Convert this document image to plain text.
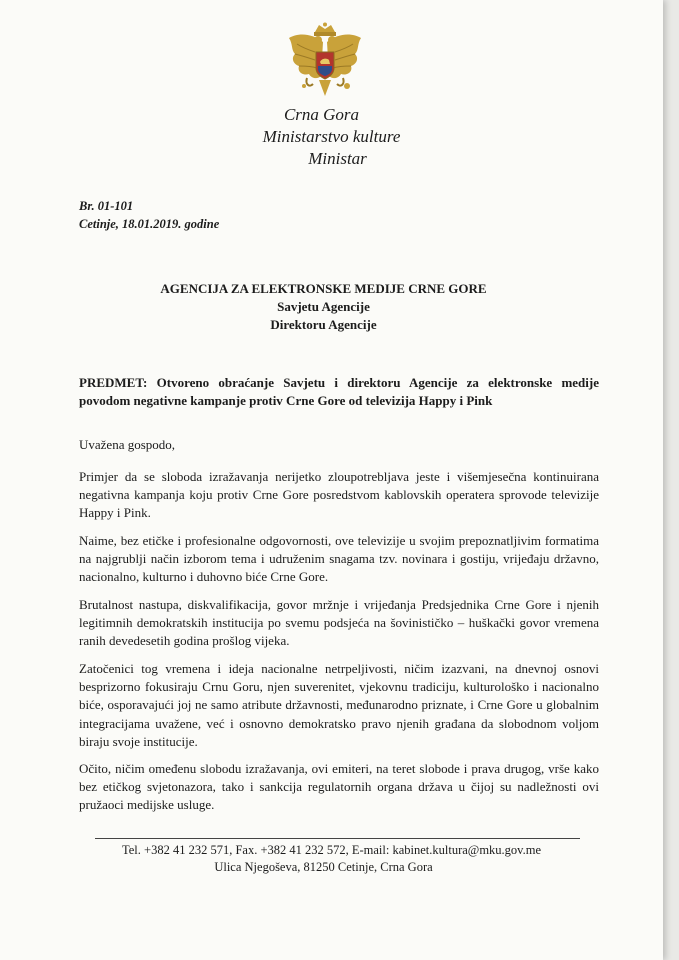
Crna Gora
Ministarstvo kulture
Ministar
Br. 01-101
Cetinje, 18.01.2019. godine
AGENCIJA ZA ELEKTRONSKE MEDIJE CRNE GORE
Savjetu Agencije
Direktoru Agencije
PREDMET: Otvoreno obraćanje Savjetu i direktoru Agencije za elektronske medije povodom negativne kampanje protiv Crne Gore od televizija Happy i Pink
Uvažena gospodo,
Primjer da se sloboda izražavanja nerijetko zloupotrebljava jeste i višemjesečna kontinuirana negativna kampanja koju protiv Crne Gore posredstvom kablovskih operatera sprovode televizije Happy i Pink.
Naime, bez etičke i profesionalne odgovornosti, ove televizije u svojim prepoznatljivim formatima na najgrublji način izborom tema i udruženim snagama tzv. novinara i gostiju, vrijeđaju državno, nacionalno, kulturno i duhovno biće Crne Gore.
Brutalnost nastupa, diskvalifikacija, govor mržnje i vrijeđanja Predsjednika Crne Gore i njenih legitimnih demokratskih institucija po svemu podsjeća na šovinističko – huškački govor vremena ranih devedesetih godina prošlog vijeka.
Zatočenici tog vremena i ideja nacionalne netrpeljivosti, ničim izazvani, na dnevnoj osnovi besprizorno fokusiraju Crnu Goru, njen suverenitet, vjekovnu tradiciju, kulturološko i nacionalno biće, osporavajući joj ne samo atribute državnosti, međunarodno priznate, i Crne Gore u globalnim integracijama uvažene, već i osnovno demokratsko pravo njenih građana da slobodnom voljom biraju svoje institucije.
Očito, ničim omeđenu slobodu izražavanja, ovi emiteri, na teret slobode i prava drugog, vrše kako bez etičkog svjetonazora, tako i sankcija regulatornih organa država u čijoj su nadležnosti ovi pružaoci medijske usluge.
Tel. +382 41 232 571, Fax. +382 41 232 572, E-mail: kabinet.kultura@mku.gov.me
Ulica Njegoševa, 81250 Cetinje, Crna Gora
